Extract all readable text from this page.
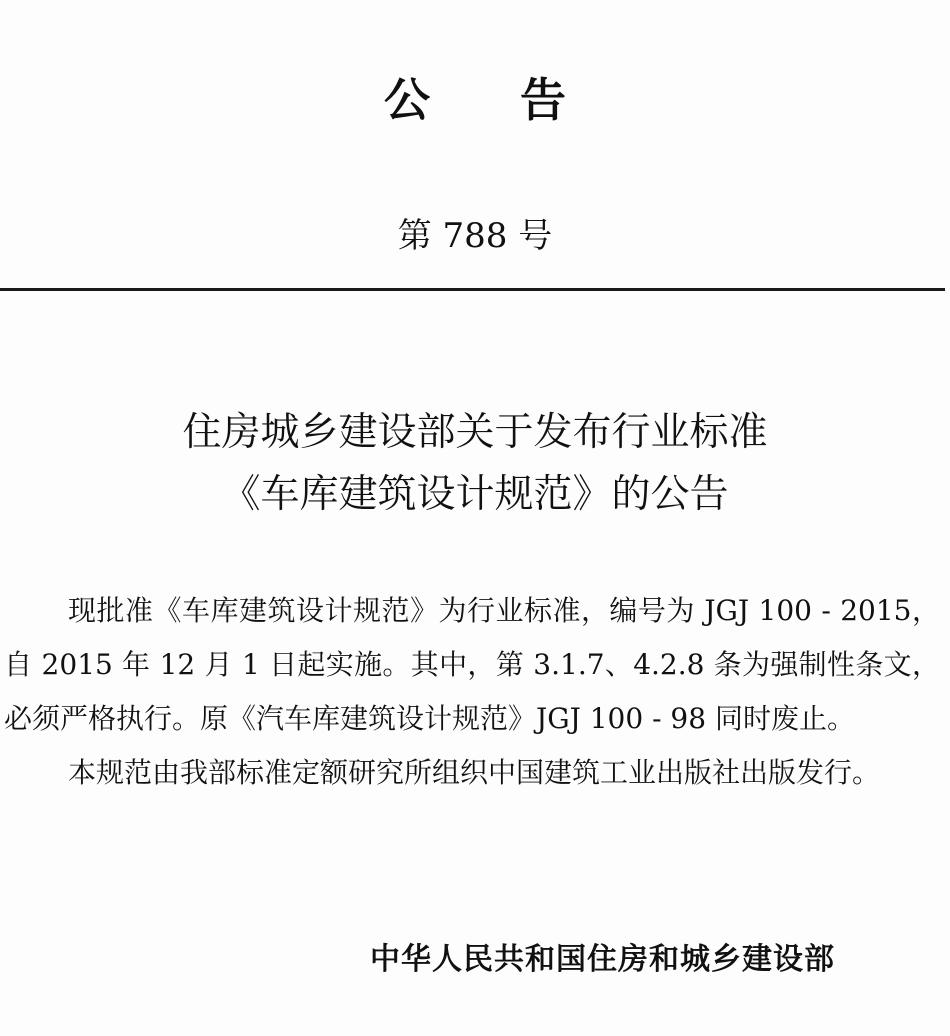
公告
第 788 号
住房城乡建设部关于发布行业标准
《车库建筑设计规范》的公告

现批准《车库建筑设计规范》为行业标准，编号为 JGJ 100 - 2015，自 2015 年 12 月 1 日起实施。其中，第 3.1.7、4.2.8 条为强制性条文，必须严格执行。原《汽车库建筑设计规范》JGJ 100 - 98 同时废止。

本规范由我部标准定额研究所组织中国建筑工业出版社出版发行。

中华人民共和国住房和城乡建设部
